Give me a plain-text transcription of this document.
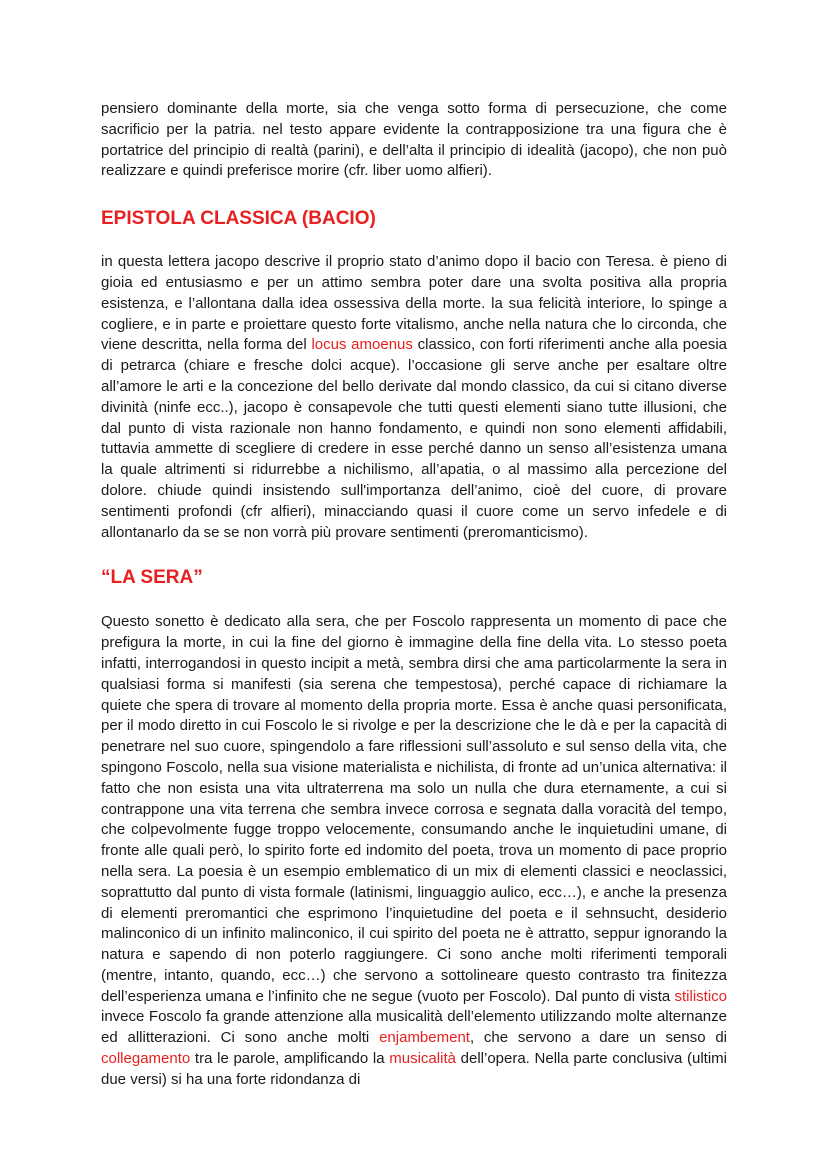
pensiero dominante della morte, sia che venga sotto forma di persecuzione, che come sacrificio per la patria. nel testo appare evidente la contrapposizione tra una figura che è portatrice del principio di realtà (parini), e dell’alta il principio di idealità (jacopo), che non può realizzare e quindi preferisce morire (cfr. liber uomo alfieri).

EPISTOLA CLASSICA (BACIO)

in questa lettera jacopo descrive il proprio stato d’animo dopo il bacio con Teresa. è pieno di gioia ed entusiasmo e per un attimo sembra poter dare una svolta positiva alla propria esistenza, e l’allontana dalla idea ossessiva della morte. la sua felicità interiore, lo spinge a cogliere, e in parte e proiettare questo forte vitalismo, anche nella natura che lo circonda, che viene descritta, nella forma del locus amoenus classico, con forti riferimenti anche alla poesia di petrarca (chiare e fresche dolci acque). l’occasione gli serve anche per esaltare oltre all’amore le arti e la concezione del bello derivate dal mondo classico, da cui si citano diverse divinità (ninfe ecc..), jacopo è consapevole che tutti questi elementi siano tutte illusioni, che dal punto di vista razionale non hanno fondamento, e quindi non sono elementi affidabili, tuttavia ammette di scegliere di credere in esse perché danno un senso all’esistenza umana la quale altrimenti si ridurrebbe a nichilismo, all’apatia, o al massimo alla percezione del dolore. chiude quindi insistendo sull'importanza dell’animo, cioè del cuore, di provare sentimenti profondi (cfr alfieri), minacciando quasi il cuore come un servo infedele e di allontanarlo da se se non vorrà più provare sentimenti (preromanticismo).

“LA SERA”

Questo sonetto è dedicato alla sera, che per Foscolo rappresenta un momento di pace che prefigura la morte, in cui la fine del giorno è immagine della fine della vita. Lo stesso poeta infatti, interrogandosi in questo incipit a metà, sembra dirsi che ama particolarmente la sera in qualsiasi forma si manifesti (sia serena che tempestosa), perché capace di richiamare la quiete che spera di trovare al momento della propria morte. Essa è anche quasi personificata, per il modo diretto in cui Foscolo le si rivolge e per la descrizione che le dà e per la capacità di penetrare nel suo cuore, spingendolo a fare riflessioni sull’assoluto e sul senso della vita, che spingono Foscolo, nella sua visione materialista e nichilista, di fronte ad un’unica alternativa: il fatto che non esista una vita ultraterrena ma solo un nulla che dura eternamente, a cui si contrappone una vita terrena che sembra invece corrosa e segnata dalla voracità del tempo, che colpevolmente fugge troppo velocemente, consumando anche le inquietudini umane, di fronte alle quali però, lo spirito forte ed indomito del poeta, trova un momento di pace proprio nella sera. La poesia è un esempio emblematico di un mix di elementi classici e neoclassici, soprattutto dal punto di vista formale (latinismi, linguaggio aulico, ecc…), e anche la presenza di elementi preromantici che esprimono l’inquietudine del poeta e il sehnsucht, desiderio malinconico di un infinito malinconico, il cui spirito del poeta ne è attratto, seppur ignorando la natura e sapendo di non poterlo raggiungere. Ci sono anche molti riferimenti temporali (mentre, intanto, quando, ecc…) che servono a sottolineare questo contrasto tra finitezza dell’esperienza umana e l’infinito che ne segue (vuoto per Foscolo). Dal punto di vista stilistico invece Foscolo fa grande attenzione alla musicalità dell’elemento utilizzando molte alternanze ed allitterazioni. Ci sono anche molti enjambement, che servono a dare un senso di collegamento tra le parole, amplificando la musicalità dell’opera. Nella parte conclusiva (ultimi due versi) si ha una forte ridondanza di
